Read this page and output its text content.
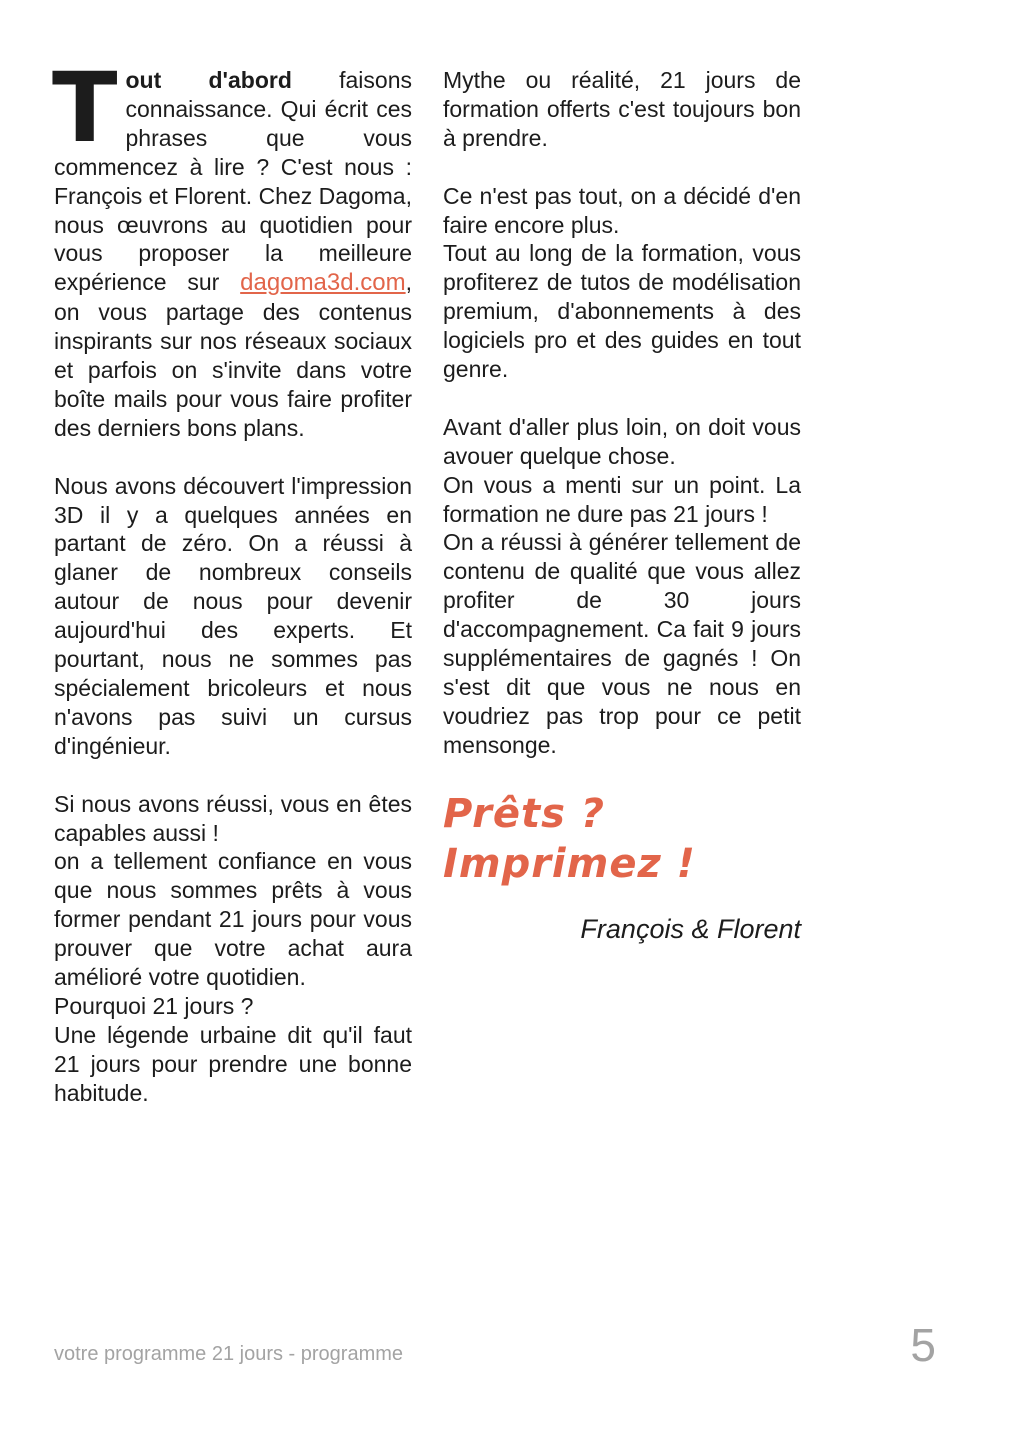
Tout d'abord faisons connaissance. Qui écrit ces phrases que vous commencez à lire ? C'est nous : François et Florent. Chez Dagoma, nous œuvrons au quotidien pour vous proposer la meilleure expérience sur dagoma3d.com, on vous partage des contenus inspirants sur nos réseaux sociaux et parfois on s'invite dans votre boîte mails pour vous faire profiter des derniers bons plans.

Nous avons découvert l'impression 3D il y a quelques années en partant de zéro. On a réussi à glaner de nombreux conseils autour de nous pour devenir aujourd'hui des experts. Et pourtant, nous ne sommes pas spécialement bricoleurs et nous n'avons pas suivi un cursus d'ingénieur.

Si nous avons réussi, vous en êtes capables aussi !
on a tellement confiance en vous que nous sommes prêts à vous former pendant 21 jours pour vous prouver que votre achat aura amélioré votre quotidien.
Pourquoi 21 jours ?
Une légende urbaine dit qu'il faut 21 jours pour prendre une bonne habitude.

Mythe ou réalité, 21 jours de formation offerts c'est toujours bon à prendre.

Ce n'est pas tout, on a décidé d'en faire encore plus.
Tout au long de la formation, vous profiterez de tutos de modélisation premium, d'abonnements à des logiciels pro et des guides en tout genre.

Avant d'aller plus loin, on doit vous avouer quelque chose.
On vous a menti sur un point. La formation ne dure pas 21 jours !
On a réussi à générer tellement de contenu de qualité que vous allez profiter de 30 jours d'accompagnement. Ca fait 9 jours supplémentaires de gagnés ! On s'est dit que vous ne nous en voudriez pas trop pour ce petit mensonge.

Prêts ? Imprimez !

François & Florent

votre programme 21 jours - programme	5
